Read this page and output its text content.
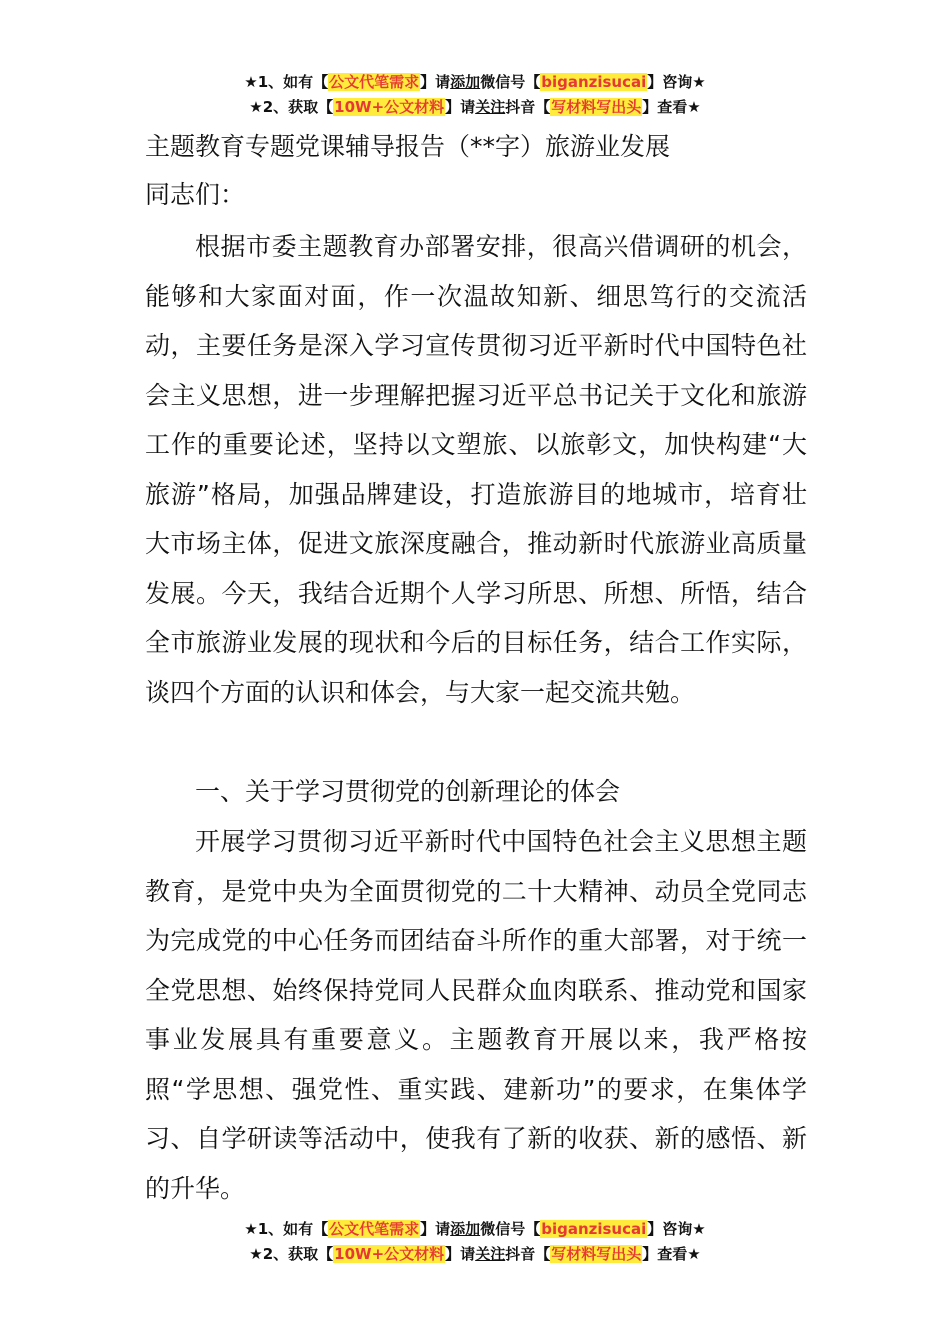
★1、如有【公文代笔需求】请添加微信号【biganzisucai】咨询★
★2、获取【10W+公文材料】请关注抖音【写材料写出头】查看★
主题教育专题党课辅导报告（**字）旅游业发展
同志们：

根据市委主题教育办部署安排，很高兴借调研的机会，能够和大家面对面，作一次温故知新、细思笃行的交流活动，主要任务是深入学习宣传贯彻习近平新时代中国特色社会主义思想，进一步理解把握习近平总书记关于文化和旅游工作的重要论述，坚持以文塑旅、以旅彰文，加快构建“大旅游”格局，加强品牌建设，打造旅游目的地城市，培育壮大市场主体，促进文旅深度融合，推动新时代旅游业高质量发展。今天，我结合近期个人学习所思、所想、所悟，结合全市旅游业发展的现状和今后的目标任务，结合工作实际，谈四个方面的认识和体会，与大家一起交流共勉。

一、关于学习贯彻党的创新理论的体会

开展学习贯彻习近平新时代中国特色社会主义思想主题教育，是党中央为全面贯彻党的二十大精神、动员全党同志为完成党的中心任务而团结奋斗所作的重大部署，对于统一全党思想、始终保持党同人民群众血肉联系、推动党和国家事业发展具有重要意义。主题教育开展以来，我严格按照“学思想、强党性、重实践、建新功”的要求，在集体学习、自学研读等活动中，使我有了新的收获、新的感悟、新的升华。

★1、如有【公文代笔需求】请添加微信号【biganzisucai】咨询★
★2、获取【10W+公文材料】请关注抖音【写材料写出头】查看★
